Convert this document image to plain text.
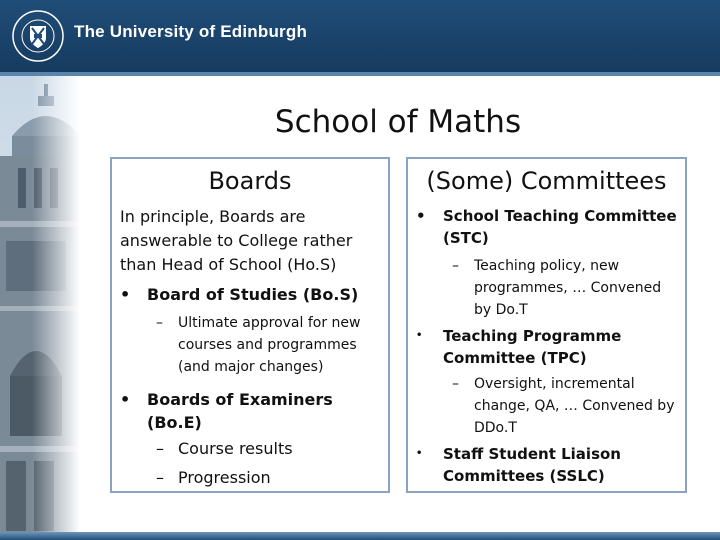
The University of Edinburgh
School of Maths
Boards

In principle, Boards are answerable to College rather than Head of School (Ho.S)

• Board of Studies (Bo.S)
– Ultimate approval for new courses and programmes (and major changes)
• Boards of Examiners (Bo.E)
– Course results
– Progression
(Some) Committees
• School Teaching Committee (STC)
– Teaching policy, new programmes, … Convened by Do.T
• Teaching Programme Committee (TPC)
– Oversight, incremental change, QA, … Convened by DDo.T
• Staff Student Liaison Committees (SSLC)
